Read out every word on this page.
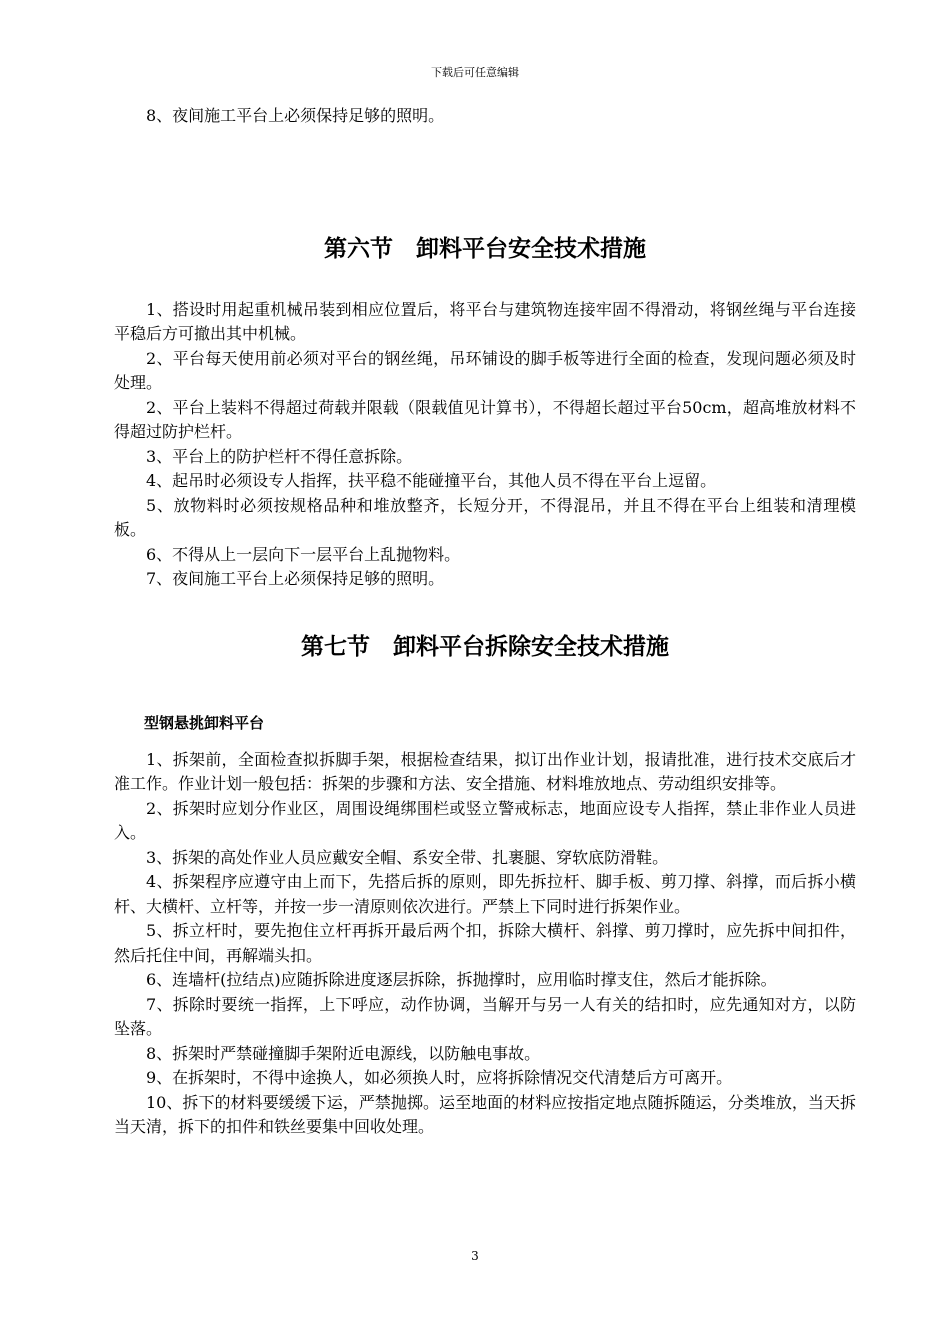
下载后可任意编辑

8、夜间施工平台上必须保持足够的照明。

第六节　卸料平台安全技术措施

1、搭设时用起重机械吊装到相应位置后，将平台与建筑物连接牢固不得滑动，将钢丝绳与平台连接平稳后方可撤出其中机械。

2、平台每天使用前必须对平台的钢丝绳，吊环铺设的脚手板等进行全面的检查，发现问题必须及时处理。

2、平台上装料不得超过荷载并限载（限载值见计算书），不得超长超过平台50cm，超高堆放材料不得超过防护栏杆。

3、平台上的防护栏杆不得任意拆除。

4、起吊时必须设专人指挥，扶平稳不能碰撞平台，其他人员不得在平台上逗留。

5、放物料时必须按规格品种和堆放整齐，长短分开，不得混吊，并且不得在平台上组装和清理模板。

6、不得从上一层向下一层平台上乱抛物料。

7、夜间施工平台上必须保持足够的照明。

第七节　卸料平台拆除安全技术措施

型钢悬挑卸料平台

1、拆架前，全面检查拟拆脚手架，根据检查结果，拟订出作业计划，报请批准，进行技术交底后才准工作。作业计划一般包括：拆架的步骤和方法、安全措施、材料堆放地点、劳动组织安排等。

2、拆架时应划分作业区，周围设绳绑围栏或竖立警戒标志，地面应设专人指挥，禁止非作业人员进入。

3、拆架的高处作业人员应戴安全帽、系安全带、扎裹腿、穿软底防滑鞋。

4、拆架程序应遵守由上而下，先搭后拆的原则，即先拆拉杆、脚手板、剪刀撑、斜撑，而后拆小横杆、大横杆、立杆等，并按一步一清原则依次进行。严禁上下同时进行拆架作业。

5、拆立杆时，要先抱住立杆再拆开最后两个扣，拆除大横杆、斜撑、剪刀撑时，应先拆中间扣件，然后托住中间，再解端头扣。

6、连墙杆(拉结点)应随拆除进度逐层拆除，拆抛撑时，应用临时撑支住，然后才能拆除。

7、拆除时要统一指挥，上下呼应，动作协调，当解开与另一人有关的结扣时，应先通知对方，以防坠落。

8、拆架时严禁碰撞脚手架附近电源线，以防触电事故。

9、在拆架时，不得中途换人，如必须换人时，应将拆除情况交代清楚后方可离开。

10、拆下的材料要缓缓下运，严禁抛掷。运至地面的材料应按指定地点随拆随运，分类堆放，当天拆当天清，拆下的扣件和铁丝要集中回收处理。

3
